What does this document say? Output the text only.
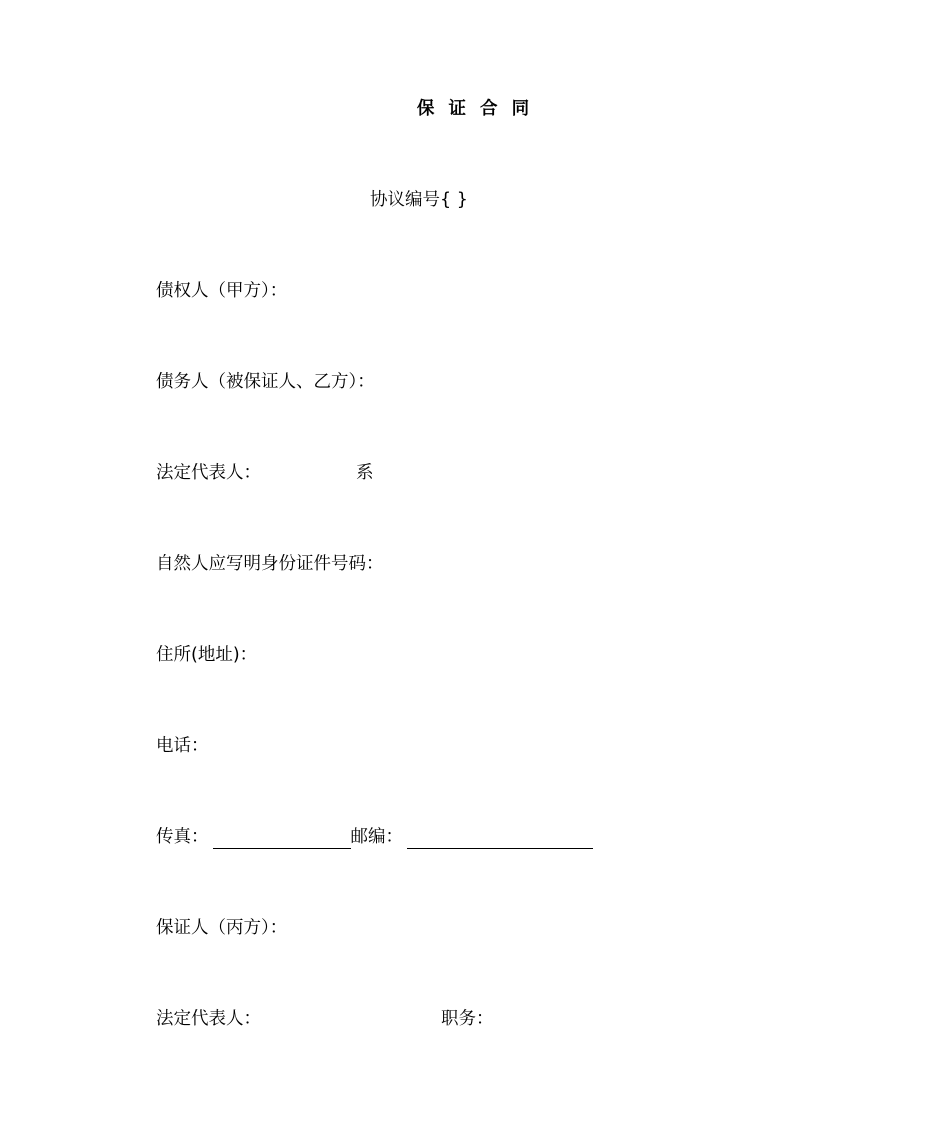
保 证 合 同
协议编号{ }
债权人（甲方）：
债务人（被保证人、乙方）：
法定代表人：	系
自然人应写明身份证件号码：
住所(地址)：
电话：
传真：	邮编：
保证人（丙方）：
法定代表人：	职务：
